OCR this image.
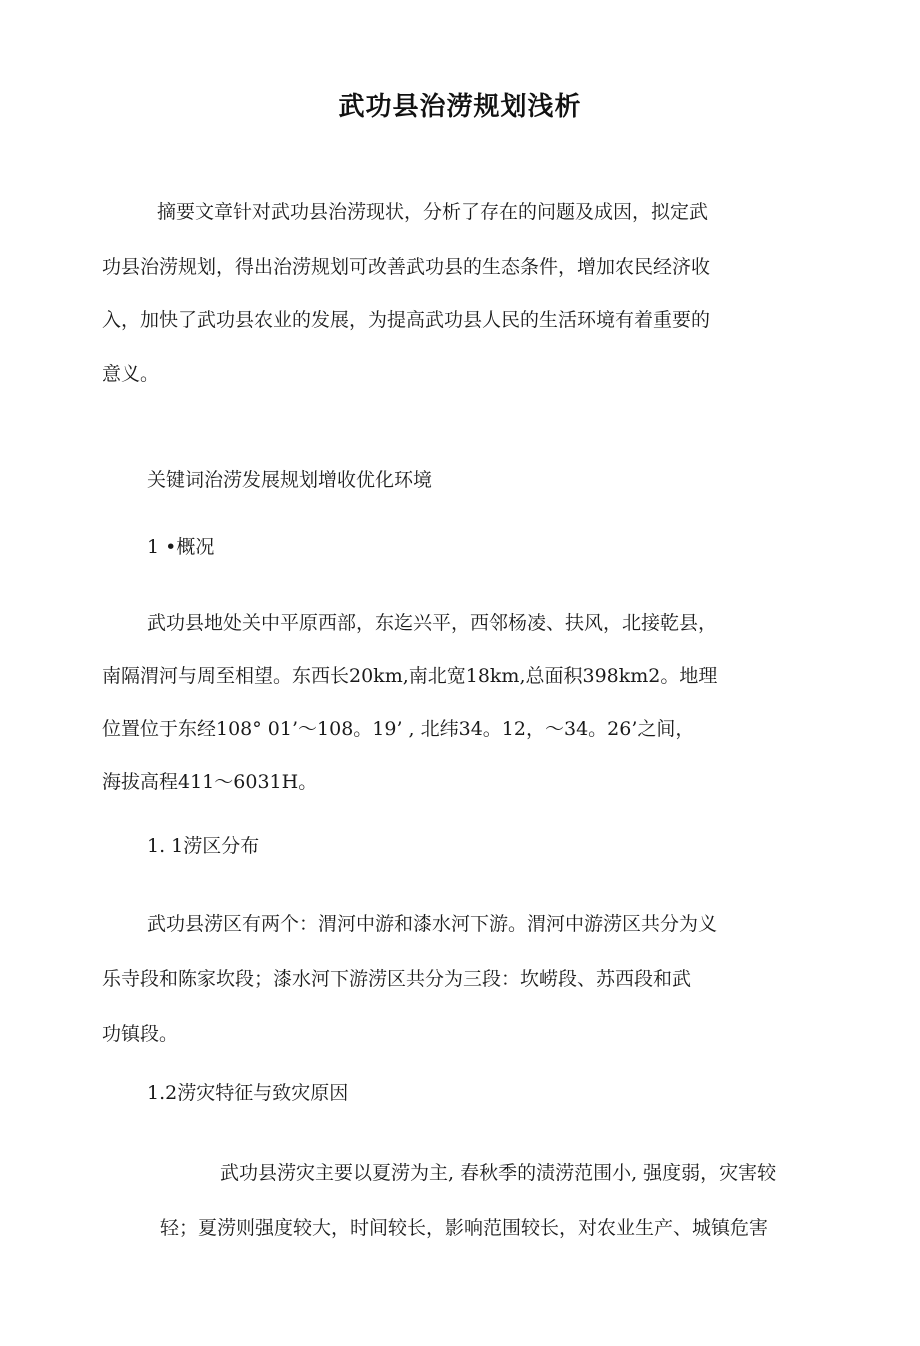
武功县治涝规划浅析
摘要文章针对武功县治涝现状，分析了存在的问题及成因，拟定武
功县治涝规划，得出治涝规划可改善武功县的生态条件，增加农民经济收
入，加快了武功县农业的发展，为提高武功县人民的生活环境有着重要的
意义。
关键词治涝发展规划增收优化环境
1 •概况
武功县地处关中平原西部，东迄兴平，西邻杨凌、扶风，北接乾县，
南隔渭河与周至相望。东西长20km,南北宽18km,总面积398km2。地理
位置位于东经108° 01’～108。19’ , 北纬34。12，～34。26’之间，
海拔高程411～6031H。
1. 1涝区分布
武功县涝区有两个：渭河中游和漆水河下游。渭河中游涝区共分为义
乐寺段和陈家坎段；漆水河下游涝区共分为三段：坎崂段、苏西段和武
功镇段。
1.2涝灾特征与致灾原因
武功县涝灾主要以夏涝为主, 春秋季的渍涝范围小, 强度弱，灾害较
轻；夏涝则强度较大，时间较长，影响范围较长，对农业生产、城镇危害
